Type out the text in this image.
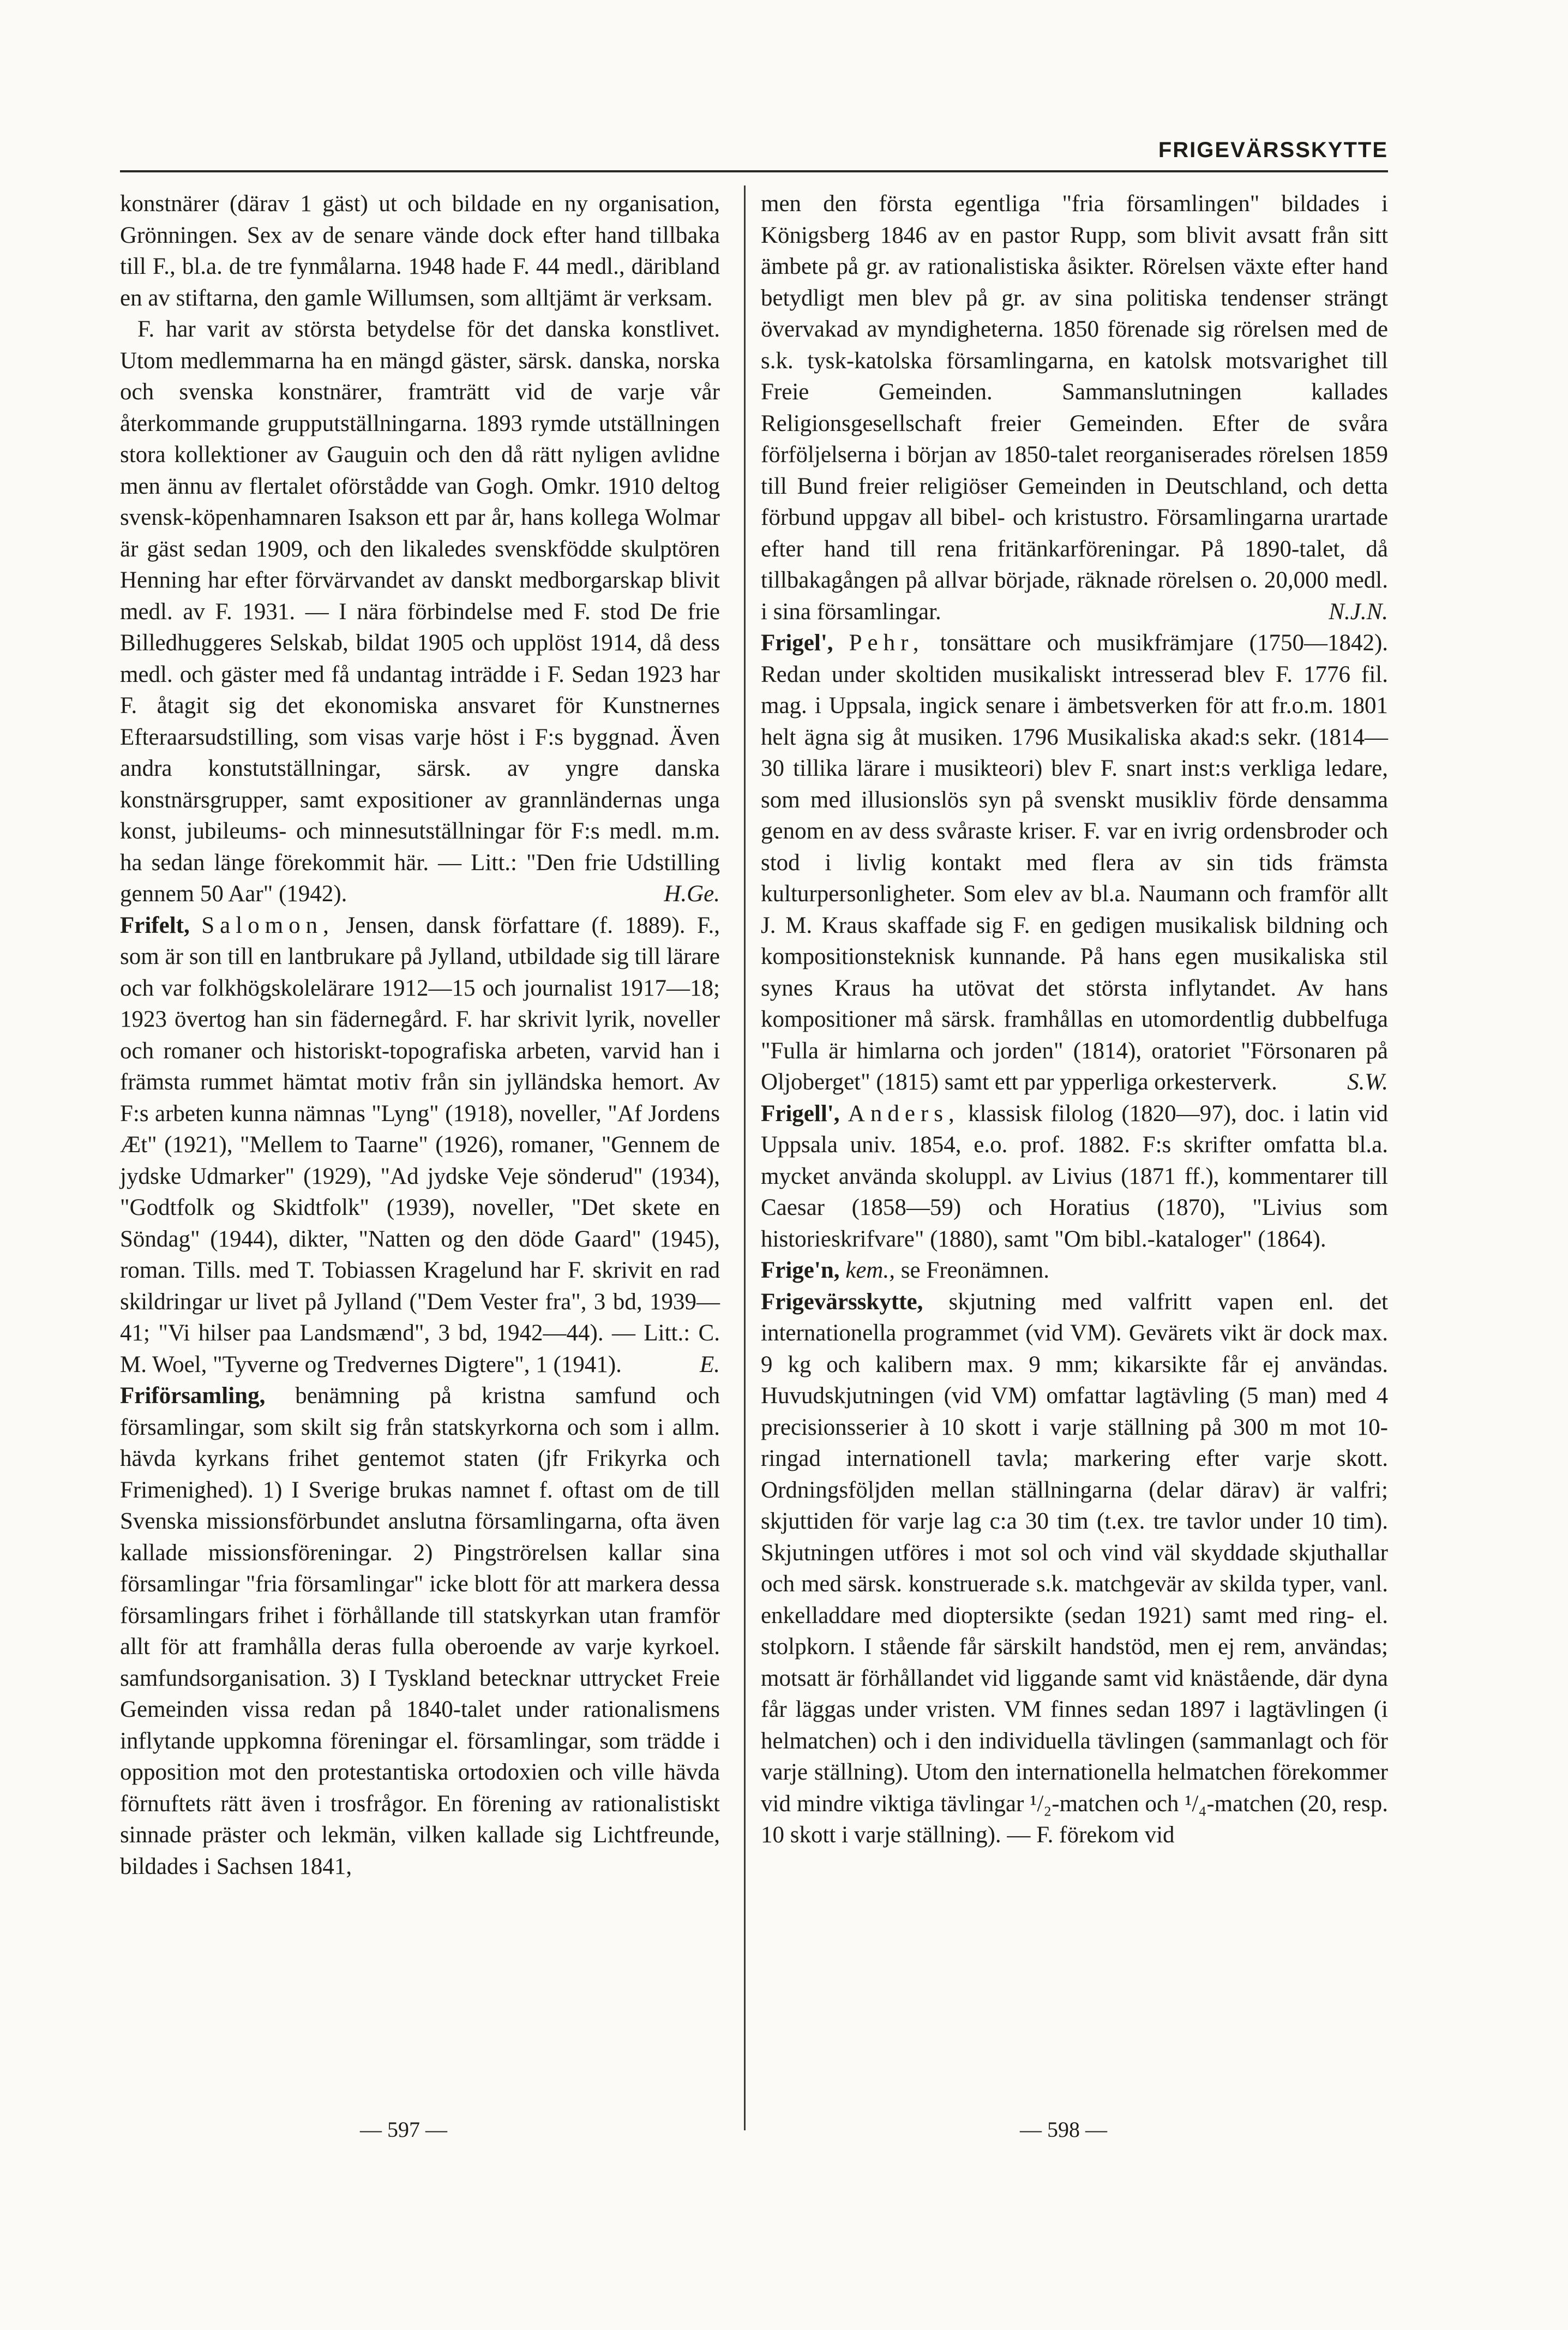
FRIGEVÄRSSKYTTE

konstnärer (därav 1 gäst) ut och bildade en ny organisation, Grönningen. Sex av de senare vände dock efter hand tillbaka till F., bl.a. de tre fynmålarna. 1948 hade F. 44 medl., däribland en av stiftarna, den gamle Willumsen, som alltjämt är verksam.

F. har varit av största betydelse för det danska konstlivet. Utom medlemmarna ha en mängd gäster, särsk. danska, norska och svenska konstnärer, framträtt vid de varje vår återkommande grupputställningarna. 1893 rymde utställningen stora kollektioner av Gauguin och den då rätt nyligen avlidne men ännu av flertalet oförstådde van Gogh. Omkr. 1910 deltog svensk-köpenhamnaren Isakson ett par år, hans kollega Wolmar är gäst sedan 1909, och den likaledes svenskfödde skulptören Henning har efter förvärvandet av danskt medborgarskap blivit medl. av F. 1931. — I nära förbindelse med F. stod De frie Billedhuggeres Selskab, bildat 1905 och upplöst 1914, då dess medl. och gäster med få undantag inträdde i F. Sedan 1923 har F. åtagit sig det ekonomiska ansvaret för Kunstnernes Efteraarsudstilling, som visas varje höst i F:s byggnad. Även andra konstutställningar, särsk. av yngre danska konstnärsgrupper, samt expositioner av grannländernas unga konst, jubileums- och minnesutställningar för F:s medl. m.m. ha sedan länge förekommit här. — Litt.: "Den frie Udstilling gennem 50 Aar" (1942).	H.Ge.

Frifelt, Salomon, Jensen, dansk författare (f. 1889). F., som är son till en lantbrukare på Jylland, utbildade sig till lärare och var folkhögskolelärare 1912—15 och journalist 1917—18; 1923 övertog han sin fädernegård. F. har skrivit lyrik, noveller och romaner och historiskt-topografiska arbeten, varvid han i främsta rummet hämtat motiv från sin jylländska hemort. Av F:s arbeten kunna nämnas "Lyng" (1918), noveller, "Af Jordens Æt" (1921), "Mellem to Taarne" (1926), romaner, "Gennem de jydske Udmarker" (1929), "Ad jydske Veje sönderud" (1934), "Godtfolk og Skidtfolk" (1939), noveller, "Det skete en Söndag" (1944), dikter, "Natten og den döde Gaard" (1945), roman. Tills. med T. Tobiassen Kragelund har F. skrivit en rad skildringar ur livet på Jylland ("Dem Vester fra", 3 bd, 1939—41; "Vi hilser paa Landsmænd", 3 bd, 1942—44). — Litt.: C. M. Woel, "Tyverne og Tredvernes Digtere", 1 (1941).	E.

Friförsamling, benämning på kristna samfund och församlingar, som skilt sig från statskyrkorna och som i allm. hävda kyrkans frihet gentemot staten (jfr Frikyrka och Frimenighed). 1) I Sverige brukas namnet f. oftast om de till Svenska missionsförbundet anslutna församlingarna, ofta även kallade missionsföreningar. 2) Pingströrelsen kallar sina församlingar "fria församlingar" icke blott för att markera dessa församlingars frihet i förhållande till statskyrkan utan framför allt för att framhålla deras fulla oberoende av varje kyrkoel. samfundsorganisation. 3) I Tyskland betecknar uttrycket Freie Gemeinden vissa redan på 1840-talet under rationalismens inflytande uppkomna föreningar el. församlingar, som trädde i opposition mot den protestantiska ortodoxien och ville hävda förnuftets rätt även i trosfrågor. En förening av rationalistiskt sinnade präster och lekmän, vilken kallade sig Lichtfreunde, bildades i Sachsen 1841,

men den första egentliga "fria församlingen" bildades i Königsberg 1846 av en pastor Rupp, som blivit avsatt från sitt ämbete på gr. av rationalistiska åsikter. Rörelsen växte efter hand betydligt men blev på gr. av sina politiska tendenser strängt övervakad av myndigheterna. 1850 förenade sig rörelsen med de s.k. tysk-katolska församlingarna, en katolsk motsvarighet till Freie Gemeinden. Sammanslutningen kallades Religionsgesellschaft freier Gemeinden. Efter de svåra förföljelserna i början av 1850-talet reorganiserades rörelsen 1859 till Bund freier religiöser Gemeinden in Deutschland, och detta förbund uppgav all bibel- och kristustro. Församlingarna urartade efter hand till rena fritänkarföreningar. På 1890-talet, då tillbakagången på allvar började, räknade rörelsen o. 20,000 medl. i sina församlingar.	N.J.N.

Frigel', Pehr, tonsättare och musikfrämjare (1750—1842). Redan under skoltiden musikaliskt intresserad blev F. 1776 fil. mag. i Uppsala, ingick senare i ämbetsverken för att fr.o.m. 1801 helt ägna sig åt musiken. 1796 Musikaliska akad:s sekr. (1814—30 tillika lärare i musikteori) blev F. snart inst:s verkliga ledare, som med illusionslös syn på svenskt musikliv förde densamma genom en av dess svåraste kriser. F. var en ivrig ordensbroder och stod i livlig kontakt med flera av sin tids främsta kulturpersonligheter. Som elev av bl.a. Naumann och framför allt J. M. Kraus skaffade sig F. en gedigen musikalisk bildning och kompositionsteknisk kunnande. På hans egen musikaliska stil synes Kraus ha utövat det största inflytandet. Av hans kompositioner må särsk. framhållas en utomordentlig dubbelfuga "Fulla är himlarna och jorden" (1814), oratoriet "Försonaren på Oljoberget" (1815) samt ett par ypperliga orkesterverk.	S.W.

Frigell', Anders, klassisk filolog (1820—97), doc. i latin vid Uppsala univ. 1854, e.o. prof. 1882. F:s skrifter omfatta bl.a. mycket använda skoluppl. av Livius (1871 ff.), kommentarer till Caesar (1858—59) och Horatius (1870), "Livius som historieskrifvare" (1880), samt "Om bibl.-kataloger" (1864).

Frige'n, kem., se Freonämnen.

Frigevärsskytte, skjutning med valfritt vapen enl. det internationella programmet (vid VM). Gevärets vikt är dock max. 9 kg och kalibern max. 9 mm; kikarsikte får ej användas. Huvudskjutningen (vid VM) omfattar lagtävling (5 man) med 4 precisionsserier à 10 skott i varje ställning på 300 m mot 10-ringad internationell tavla; markering efter varje skott. Ordningsföljden mellan ställningarna (delar därav) är valfri; skjuttiden för varje lag c:a 30 tim (t.ex. tre tavlor under 10 tim). Skjutningen utföres i mot sol och vind väl skyddade skjuthallar och med särsk. konstruerade s.k. matchgevär av skilda typer, vanl. enkelladdare med dioptersikte (sedan 1921) samt med ring- el. stolpkorn. I stående får särskilt handstöd, men ej rem, användas; motsatt är förhållandet vid liggande samt vid knästående, där dyna får läggas under vristen. VM finnes sedan 1897 i lagtävlingen (i helmatchen) och i den individuella tävlingen (sammanlagt och för varje ställning). Utom den internationella helmatchen förekommer vid mindre viktiga tävlingar ¹/₂-matchen och ¹/₄-matchen (20, resp. 10 skott i varje ställning). — F. förekom vid

— 597 —	— 598 —
